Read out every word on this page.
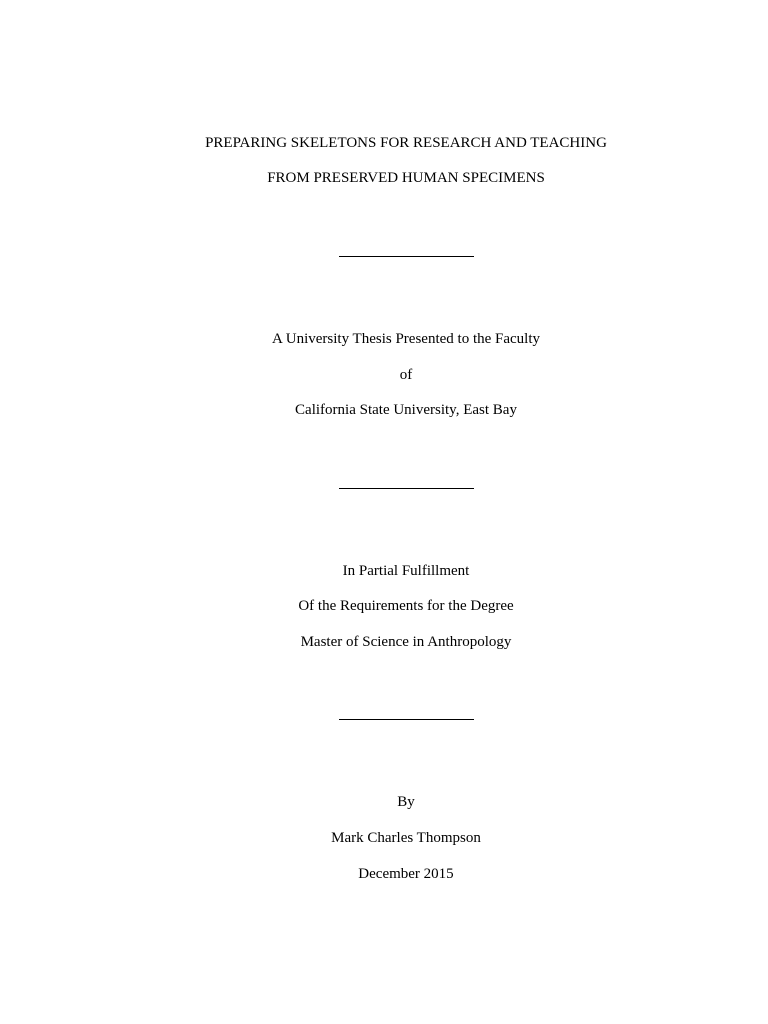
PREPARING SKELETONS FOR RESEARCH AND TEACHING
FROM PRESERVED HUMAN SPECIMENS
A University Thesis Presented to the Faculty
of
California State University, East Bay
In Partial Fulfillment
Of the Requirements for the Degree
Master of Science in Anthropology
By
Mark Charles Thompson
December 2015
